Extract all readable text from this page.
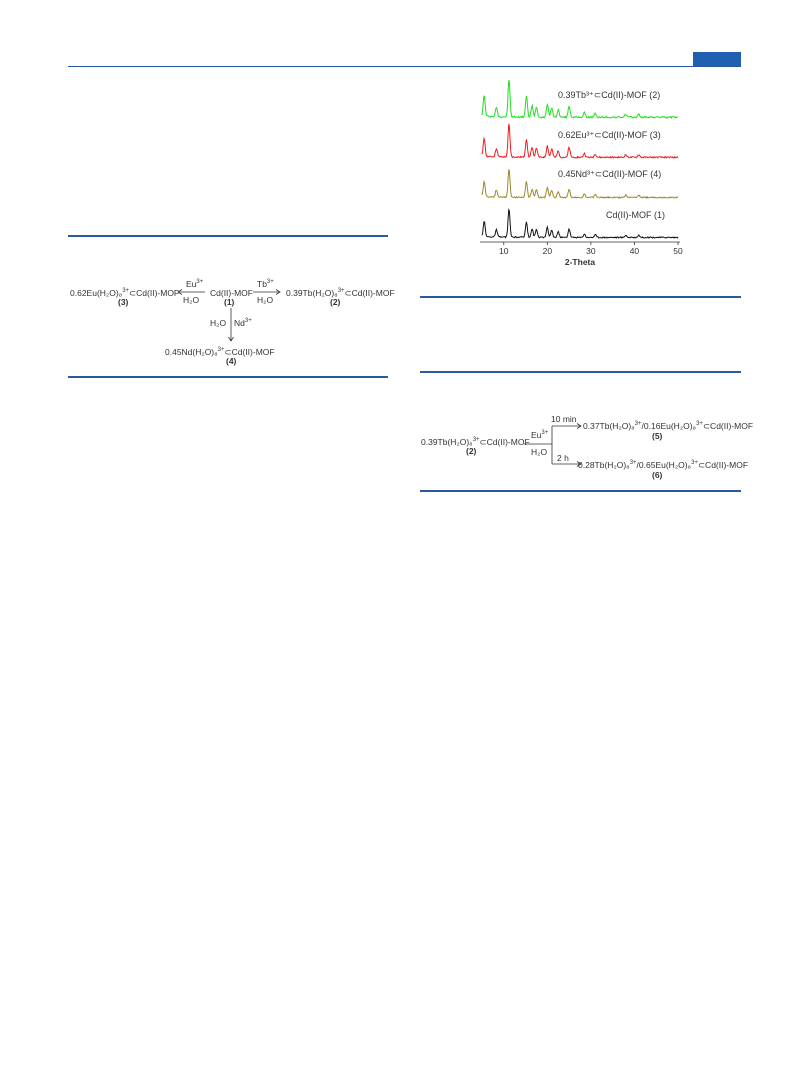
0.62Eu(H₂O)₈$^{3+}$⊂Cd(II)-MOF
(3)
$Eu^{3+}$
H₂O
Cd(II)-MOF
(1)
$Tb^{3+}$
H₂O
0.39Tb(H₂O)₈$^{3+}$⊂Cd(II)-MOF
(2)
H₂O $Nd^{3+}$
0.45Nd(H₂O)₈$^{3+}$⊂Cd(II)-MOF
(4)
0.39Tb³⁺⊂Cd(II)-MOF (2)
0.62Eu³⁺⊂Cd(II)-MOF (3)
0.45Nd³⁺⊂Cd(II)-MOF (4)
Cd(II)-MOF (1)
10	20	30	40	50
2-Theta
0.39Tb(H₂O)₈$^{3+}$⊂Cd(II)-MOF
(2)
$Eu^{3+}$
H₂O
10 min
2 h
0.37Tb(H₂O)₈$^{3+}$/0.16Eu(H₂O)₈$^{3+}$⊂Cd(II)-MOF
(5)
0.28Tb(H₂O)₈$^{3+}$/0.65Eu(H₂O)₈$^{3+}$⊂Cd(II)-MOF
(6)
